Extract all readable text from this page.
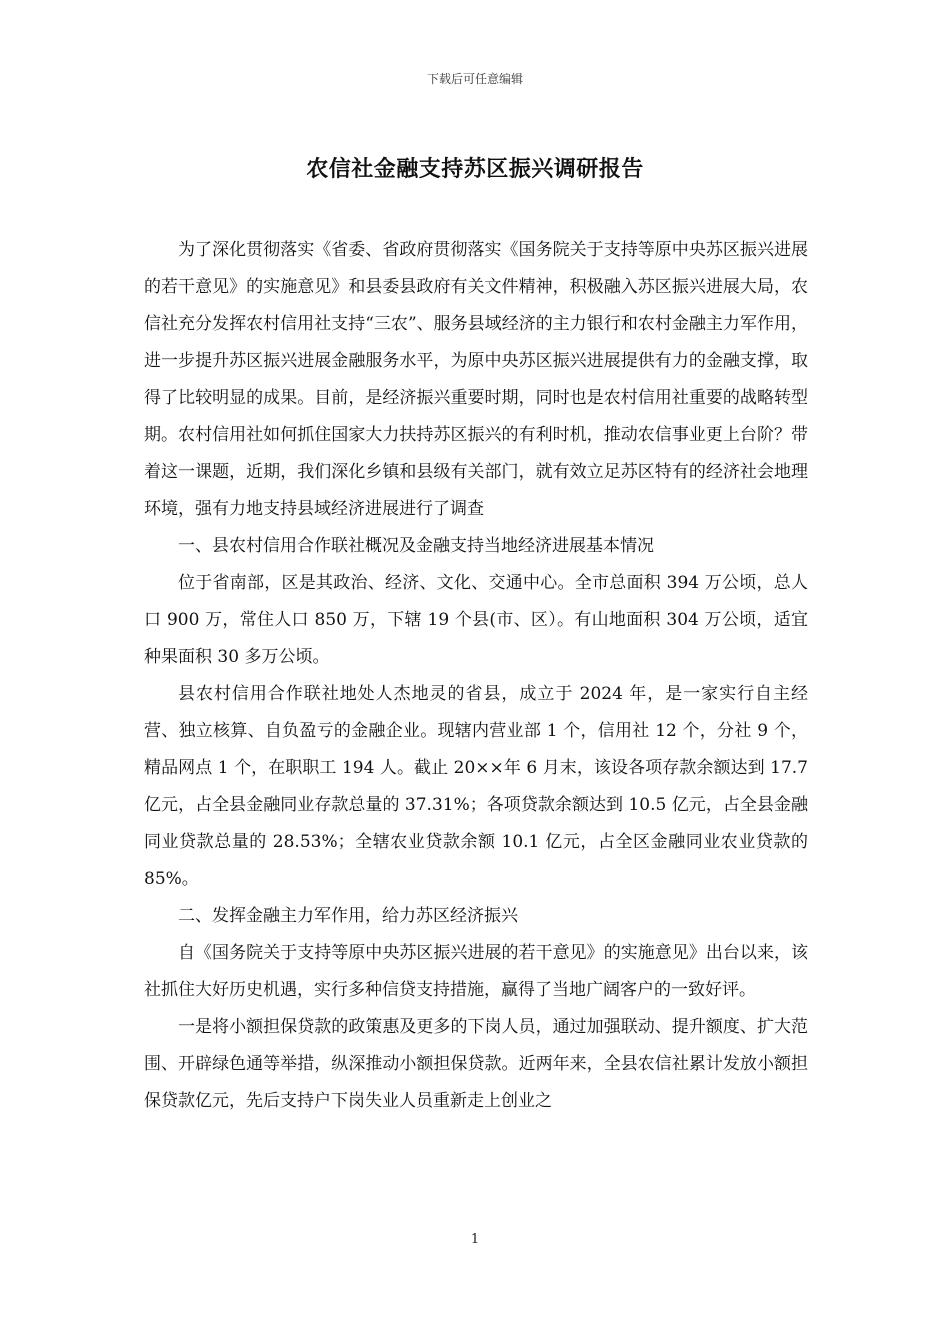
下载后可任意编辑
农信社金融支持苏区振兴调研报告

为了深化贯彻落实《省委、省政府贯彻落实《国务院关于支持等原中央苏区振兴进展的若干意见》的实施意见》和县委县政府有关文件精神，积极融入苏区振兴进展大局，农信社充分发挥农村信用社支持“三农”、服务县域经济的主力银行和农村金融主力军作用，进一步提升苏区振兴进展金融服务水平，为原中央苏区振兴进展提供有力的金融支撑，取得了比较明显的成果。目前，是经济振兴重要时期，同时也是农村信用社重要的战略转型期。农村信用社如何抓住国家大力扶持苏区振兴的有利时机，推动农信事业更上台阶？带着这一课题，近期，我们深化乡镇和县级有关部门，就有效立足苏区特有的经济社会地理环境，强有力地支持县域经济进展进行了调查

一、县农村信用合作联社概况及金融支持当地经济进展基本情况

位于省南部，区是其政治、经济、文化、交通中心。全市总面积 394 万公顷，总人口 900 万，常住人口 850 万，下辖 19 个县(市、区）。有山地面积 304 万公顷，适宜种果面积 30 多万公顷。

县农村信用合作联社地处人杰地灵的省县，成立于 2024 年，是一家实行自主经营、独立核算、自负盈亏的金融企业。现辖内营业部 1 个，信用社 12 个，分社 9 个，精品网点 1 个，在职职工 194 人。截止 20××年 6 月末，该设各项存款余额达到 17.7 亿元，占全县金融同业存款总量的 37.31%；各项贷款余额达到 10.5 亿元，占全县金融同业贷款总量的 28.53%；全辖农业贷款余额 10.1 亿元，占全区金融同业农业贷款的 85%。

二、发挥金融主力军作用，给力苏区经济振兴

自《国务院关于支持等原中央苏区振兴进展的若干意见》的实施意见》出台以来，该社抓住大好历史机遇，实行多种信贷支持措施，赢得了当地广阔客户的一致好评。

一是将小额担保贷款的政策惠及更多的下岗人员，通过加强联动、提升额度、扩大范围、开辟绿色通等举措，纵深推动小额担保贷款。近两年来，全县农信社累计发放小额担保贷款亿元，先后支持户下岗失业人员重新走上创业之

1
